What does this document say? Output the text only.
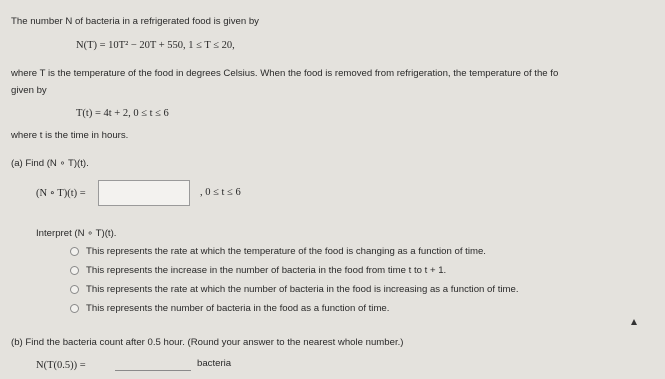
The number N of bacteria in a refrigerated food is given by
N(T) = 10T² − 20T + 550, 1 ≤ T ≤ 20,
where T is the temperature of the food in degrees Celsius. When the food is removed from refrigeration, the temperature of the fo
given by
T(t) = 4t + 2, 0 ≤ t ≤ 6
where t is the time in hours.
(a) Find (N ∘ T)(t).
(N ∘ T)(t) =	, 0 ≤ t ≤ 6
Interpret (N ∘ T)(t).
This represents the rate at which the temperature of the food is changing as a function of time.
This represents the increase in the number of bacteria in the food from time t to t + 1.
This represents the rate at which the number of bacteria in the food is increasing as a function of time.
This represents the number of bacteria in the food as a function of time.
(b) Find the bacteria count after 0.5 hour. (Round your answer to the nearest whole number.)
N(T(0.5)) =	bacteria
